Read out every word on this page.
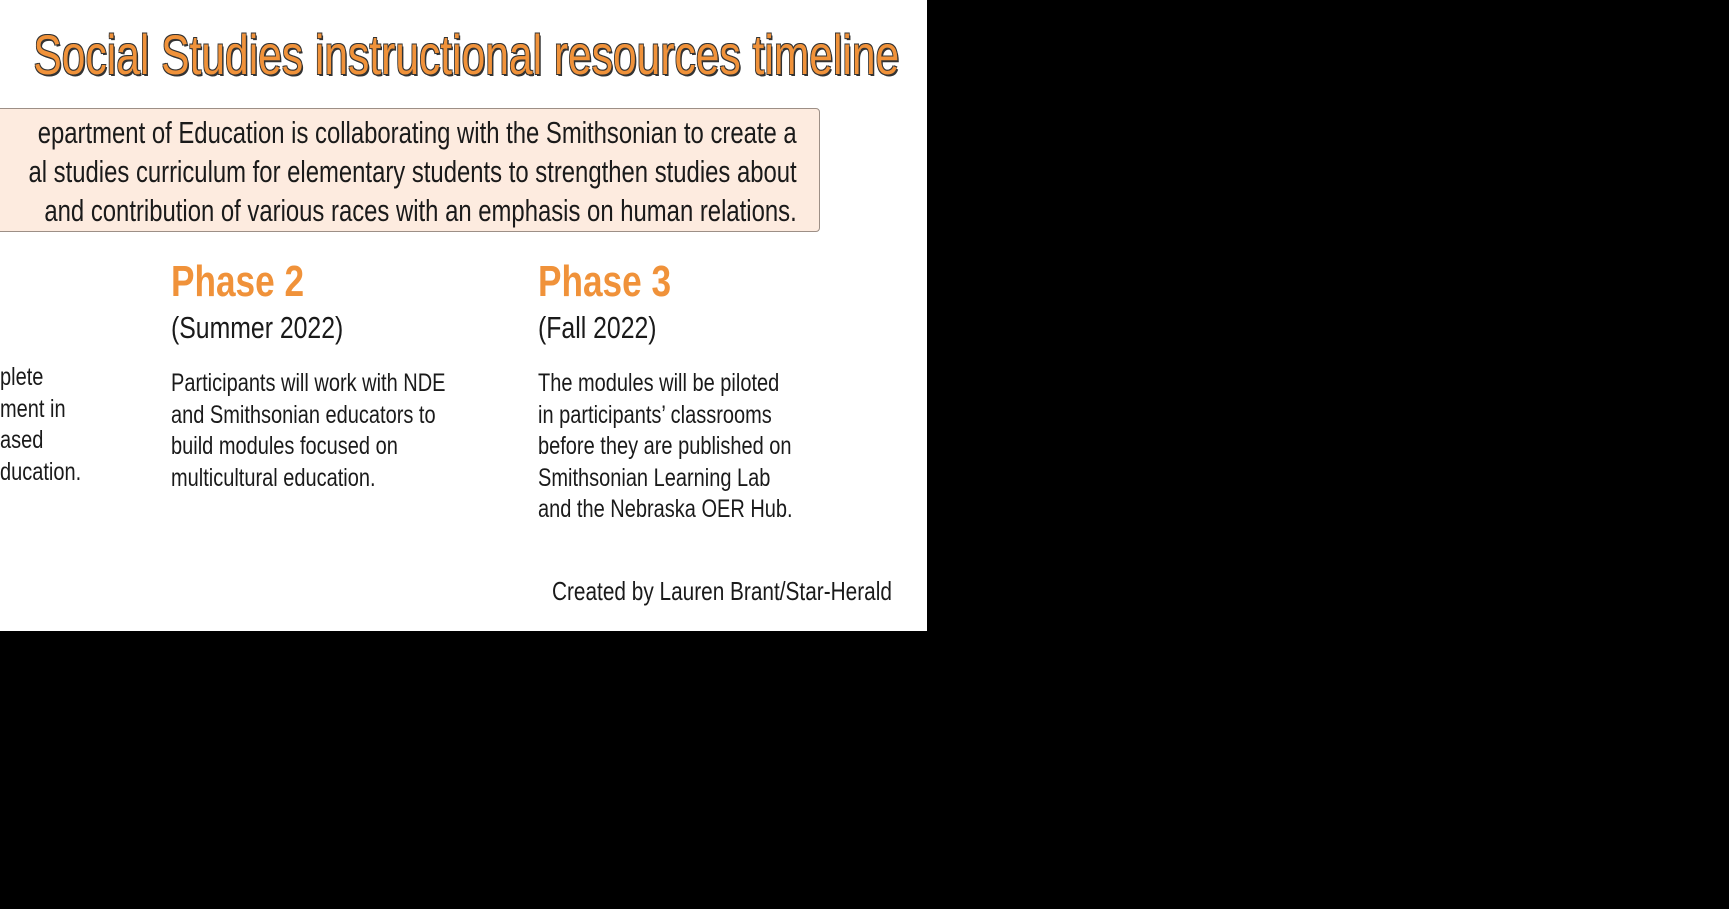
Social Studies instructional resources timeline
epartment of Education is collaborating with the Smithsonian to create a
al studies curriculum for elementary students to strengthen studies about
and contribution of various races with an emphasis on human relations.
plete
ment in
ased
ducation.
Phase 2
(Summer 2022)
Participants will work with NDE
and Smithsonian educators to
build modules focused on
multicultural education.
Phase 3
(Fall 2022)
The modules will be piloted
in participants’ classrooms
before they are published on
Smithsonian Learning Lab
and the Nebraska OER Hub.
Created by Lauren Brant/Star-Herald
